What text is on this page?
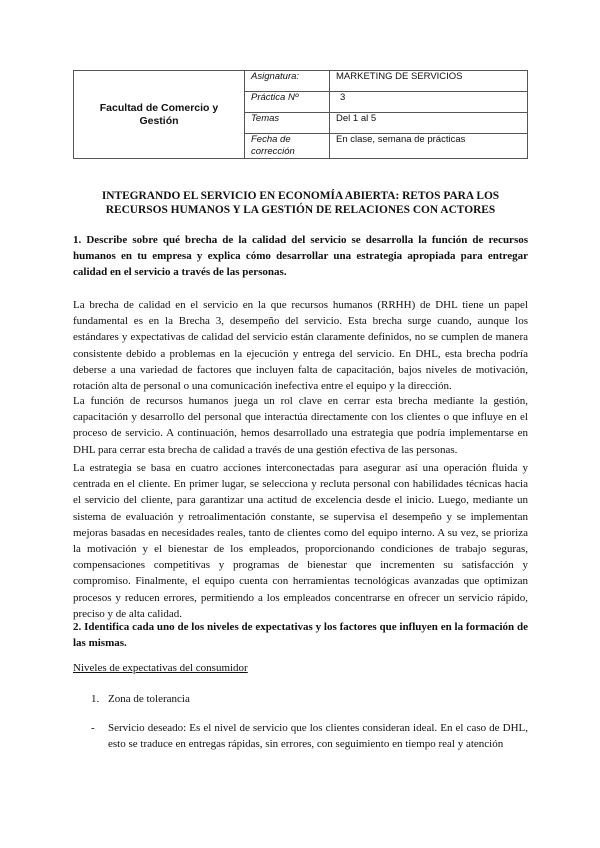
Facultad de Comercio y Gestión	Asignatura:	MARKETING DE SERVICIOS
	Práctica Nº	3
	Temas	Del 1 al 5
	Fecha de corrección	En clase, semana de prácticas
INTEGRANDO EL SERVICIO EN ECONOMÍA ABIERTA: RETOS PARA LOS RECURSOS HUMANOS Y LA GESTIÓN DE RELACIONES CON ACTORES
1. Describe sobre qué brecha de la calidad del servicio se desarrolla la función de recursos humanos en tu empresa y explica cómo desarrollar una estrategia apropiada para entregar calidad en el servicio a través de las personas.
La brecha de calidad en el servicio en la que recursos humanos (RRHH) de DHL tiene un papel fundamental es en la Brecha 3, desempeño del servicio. Esta brecha surge cuando, aunque los estándares y expectativas de calidad del servicio están claramente definidos, no se cumplen de manera consistente debido a problemas en la ejecución y entrega del servicio. En DHL, esta brecha podría deberse a una variedad de factores que incluyen falta de capacitación, bajos niveles de motivación, rotación alta de personal o una comunicación inefectiva entre el equipo y la dirección.
La función de recursos humanos juega un rol clave en cerrar esta brecha mediante la gestión, capacitación y desarrollo del personal que interactúa directamente con los clientes o que influye en el proceso de servicio. A continuación, hemos desarrollado una estrategia que podría implementarse en DHL para cerrar esta brecha de calidad a través de una gestión efectiva de las personas.
La estrategia se basa en cuatro acciones interconectadas para asegurar así una operación fluida y centrada en el cliente. En primer lugar, se selecciona y recluta personal con habilidades técnicas hacia el servicio del cliente, para garantizar una actitud de excelencia desde el inicio. Luego, mediante un sistema de evaluación y retroalimentación constante, se supervisa el desempeño y se implementan mejoras basadas en necesidades reales, tanto de clientes como del equipo interno. A su vez, se prioriza la motivación y el bienestar de los empleados, proporcionando condiciones de trabajo seguras, compensaciones competitivas y programas de bienestar que incrementen su satisfacción y compromiso. Finalmente, el equipo cuenta con herramientas tecnológicas avanzadas que optimizan procesos y reducen errores, permitiendo a los empleados concentrarse en ofrecer un servicio rápido, preciso y de alta calidad.
2. Identifica cada uno de los niveles de expectativas y los factores que influyen en la formación de las mismas.
Niveles de expectativas del consumidor
1. Zona de tolerancia
- Servicio deseado: Es el nivel de servicio que los clientes consideran ideal. En el caso de DHL, esto se traduce en entregas rápidas, sin errores, con seguimiento en tiempo real y atención
